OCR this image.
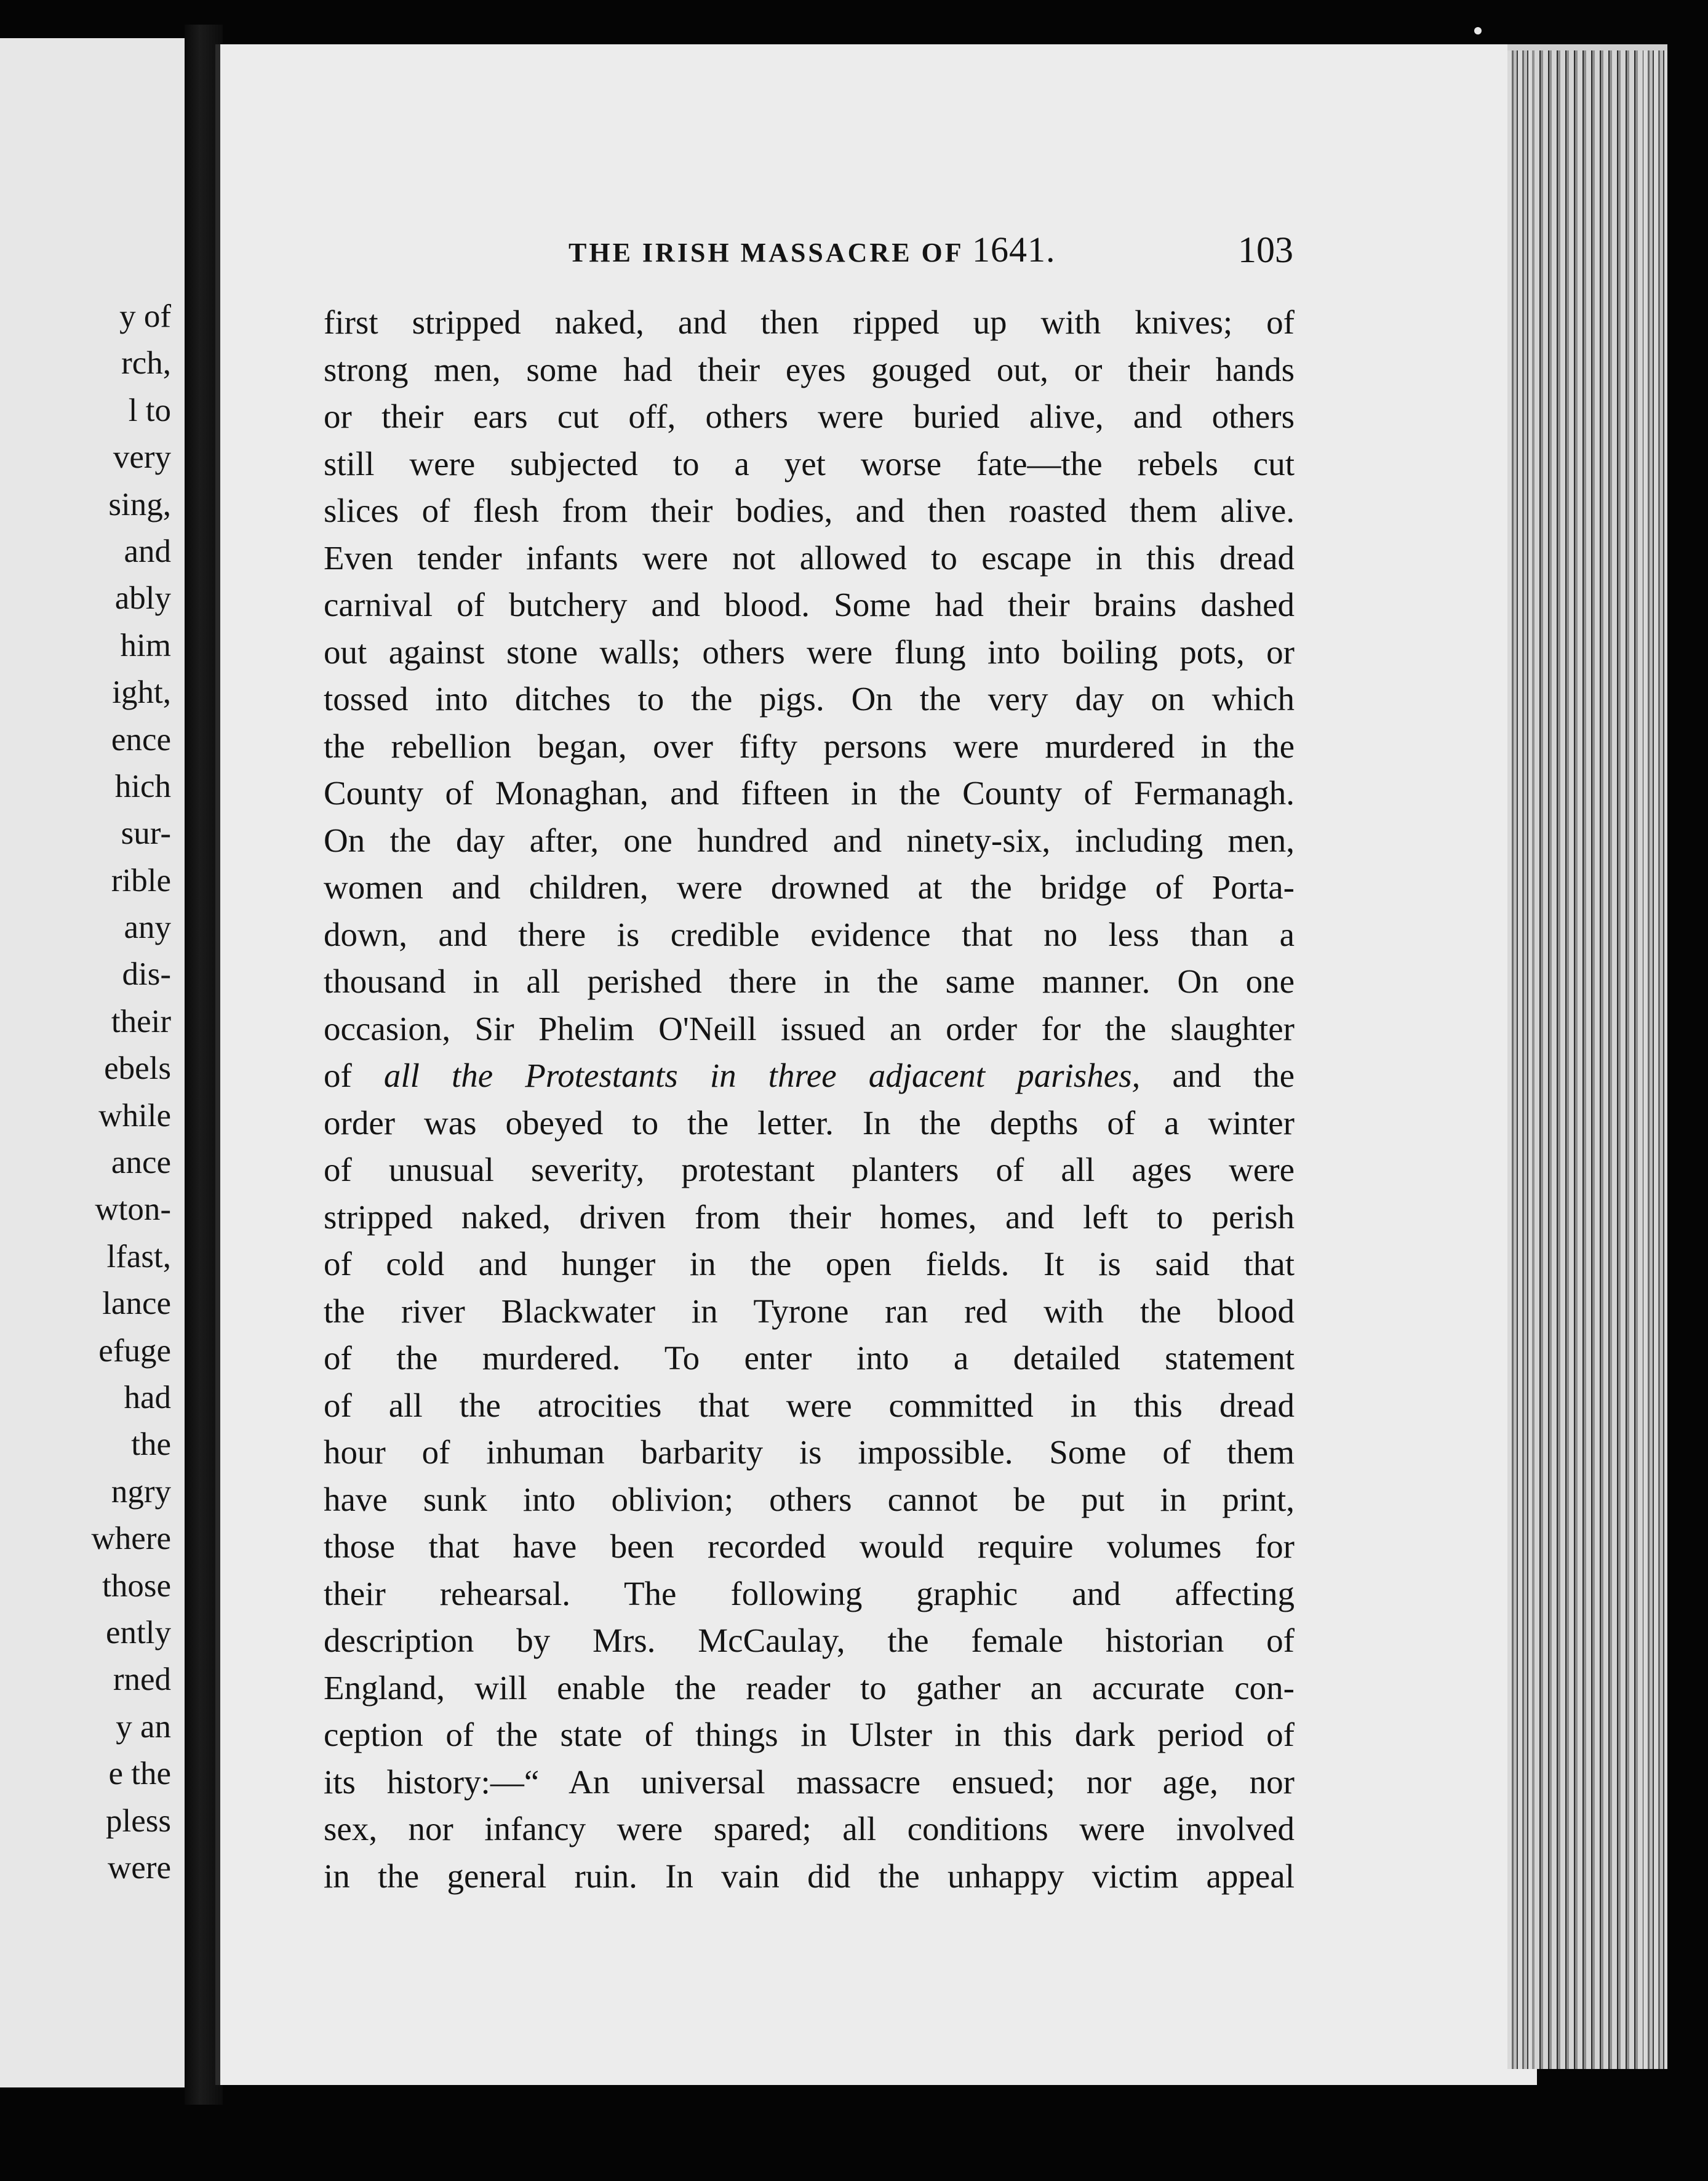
y of
rch,
l to
very
sing,
and
ably
him
ight,
ence
hich
sur-
rible
any
dis-
their
ebels
while
ance
wton-
lfast,
lance
efuge
had
the
ngry
where
those
ently
rned
y an
e the
pless
were
THE IRISH MASSACRE OF 1641.	103
first stripped naked, and then ripped up with knives; of
strong men, some had their eyes gouged out, or their hands
or their ears cut off, others were buried alive, and others
still were subjected to a yet worse fate—the rebels cut
slices of flesh from their bodies, and then roasted them alive.
Even tender infants were not allowed to escape in this dread
carnival of butchery and blood. Some had their brains dashed
out against stone walls; others were flung into boiling pots, or
tossed into ditches to the pigs. On the very day on which
the rebellion began, over fifty persons were murdered in the
County of Monaghan, and fifteen in the County of Fermanagh.
On the day after, one hundred and ninety-six, including men,
women and children, were drowned at the bridge of Porta-
down, and there is credible evidence that no less than a
thousand in all perished there in the same manner. On one
occasion, Sir Phelim O'Neill issued an order for the slaughter
of all the Protestants in three adjacent parishes, and the
order was obeyed to the letter. In the depths of a winter
of unusual severity, protestant planters of all ages were
stripped naked, driven from their homes, and left to perish
of cold and hunger in the open fields. It is said that
the river Blackwater in Tyrone ran red with the blood
of the murdered. To enter into a detailed statement
of all the atrocities that were committed in this dread
hour of inhuman barbarity is impossible. Some of them
have sunk into oblivion; others cannot be put in print,
those that have been recorded would require volumes for
their rehearsal. The following graphic and affecting
description by Mrs. McCaulay, the female historian of
England, will enable the reader to gather an accurate con-
ception of the state of things in Ulster in this dark period of
its history:—“ An universal massacre ensued; nor age, nor
sex, nor infancy were spared; all conditions were involved
in the general ruin. In vain did the unhappy victim appeal
